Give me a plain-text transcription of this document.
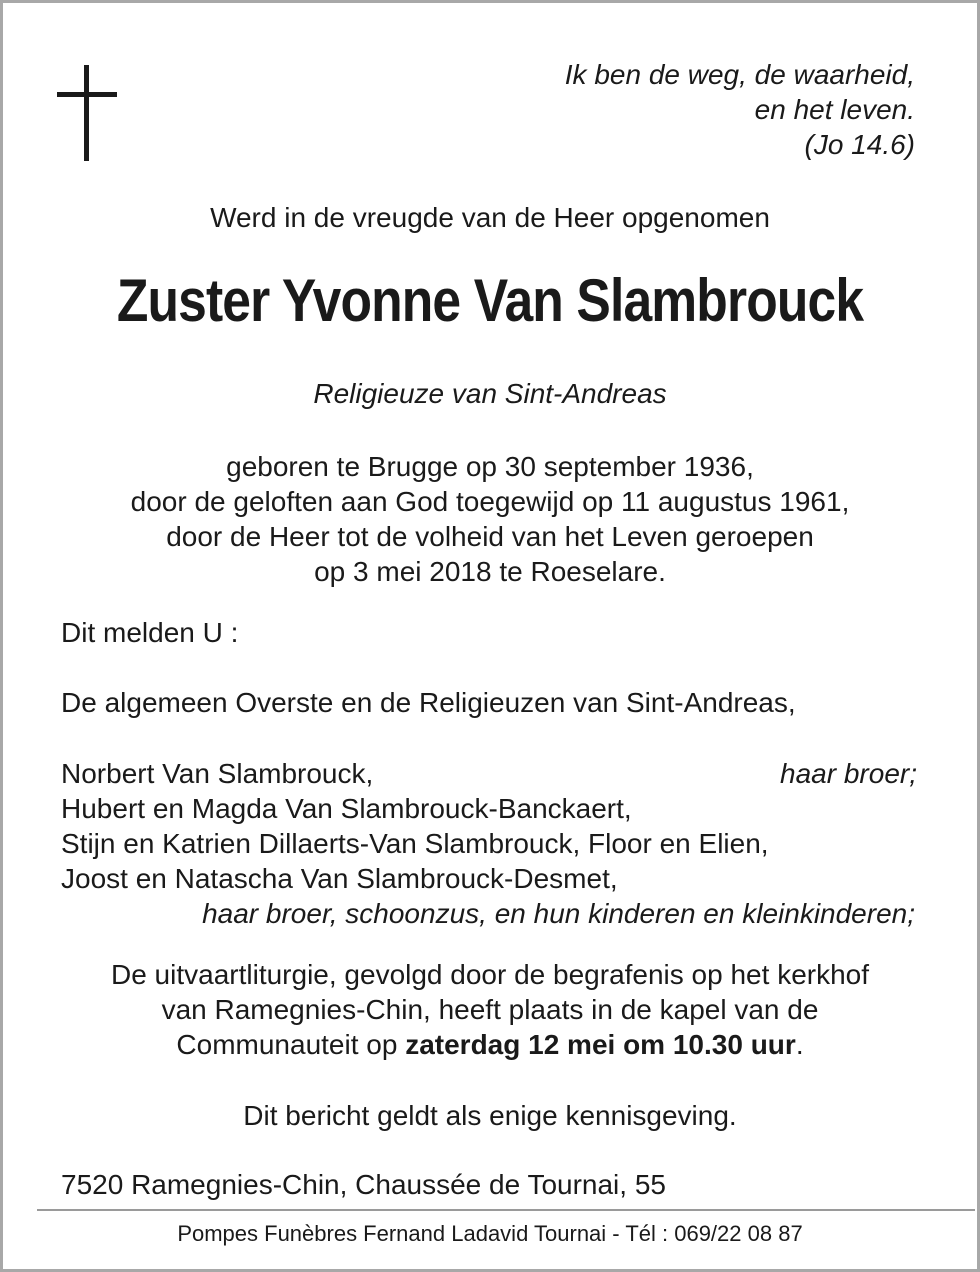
Ik ben de weg, de waarheid,
en het leven.
(Jo 14.6)
Werd in de vreugde van de Heer opgenomen
Zuster Yvonne Van Slambrouck
Religieuze van Sint-Andreas
geboren te Brugge op 30 september 1936,
door de geloften aan God toegewijd op 11 augustus 1961,
door de Heer tot de volheid van het Leven geroepen
op 3 mei 2018 te Roeselare.
Dit melden U :
De algemeen Overste en de Religieuzen van Sint-Andreas,
Norbert Van Slambrouck,	haar broer;
Hubert en Magda Van Slambrouck-Banckaert,
Stijn en Katrien Dillaerts-Van Slambrouck, Floor en Elien,
Joost en Natascha Van Slambrouck-Desmet,
haar broer, schoonzus, en hun kinderen en kleinkinderen;
De uitvaartliturgie, gevolgd door de begrafenis op het kerkhof
van Ramegnies-Chin, heeft plaats in de kapel van de
Communauteit op zaterdag 12 mei om 10.30 uur.
Dit bericht geldt als enige kennisgeving.
7520 Ramegnies-Chin, Chaussée de Tournai, 55
Pompes Funèbres Fernand Ladavid Tournai - Tél : 069/22 08 87
